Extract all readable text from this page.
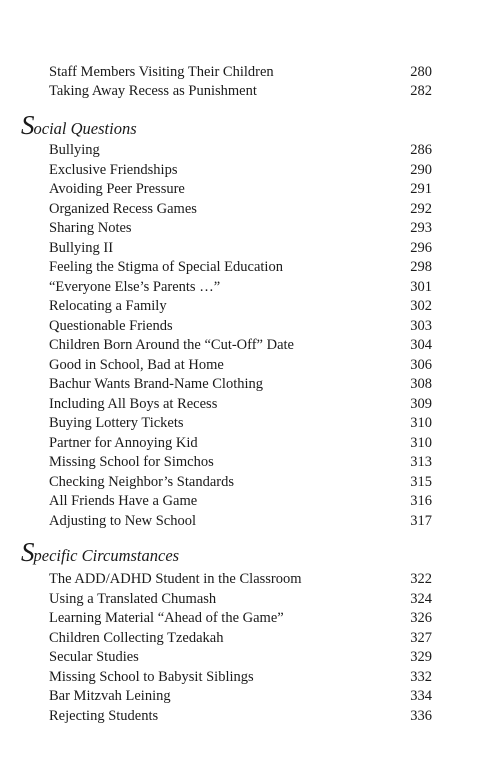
Staff Members Visiting Their Children	280
Taking Away Recess as Punishment	282
Social Questions
Bullying	286
Exclusive Friendships	290
Avoiding Peer Pressure	291
Organized Recess Games	292
Sharing Notes	293
Bullying II	296
Feeling the Stigma of Special Education	298
“Everyone Else’s Parents …”	301
Relocating a Family	302
Questionable Friends	303
Children Born Around the “Cut-Off” Date	304
Good in School, Bad at Home	306
Bachur Wants Brand-Name Clothing	308
Including All Boys at Recess	309
Buying Lottery Tickets	310
Partner for Annoying Kid	310
Missing School for Simchos	313
Checking Neighbor’s Standards	315
All Friends Have a Game	316
Adjusting to New School	317
Specific Circumstances
The ADD/ADHD Student in the Classroom	322
Using a Translated Chumash	324
Learning Material “Ahead of the Game”	326
Children Collecting Tzedakah	327
Secular Studies	329
Missing School to Babysit Siblings	332
Bar Mitzvah Leining	334
Rejecting Students	336
